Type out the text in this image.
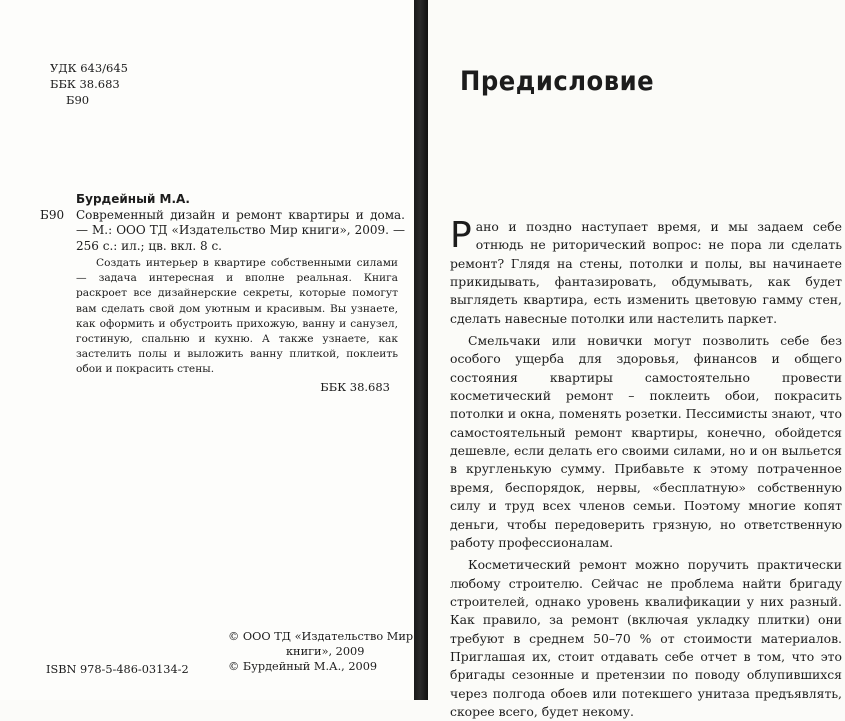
УДК 643/645
ББК 38.683
Б90
Бурдейный М.А.
Б90 Современный дизайн и ремонт квартиры и дома. — М.: ООО ТД «Издательство Мир книги», 2009. — 256 с.: ил.; цв. вкл. 8 с.
Создать интерьер в квартире собственными силами — задача интересная и вполне реальная. Книга раскроет все дизайнерские секреты, которые помогут вам сделать свой дом уютным и красивым. Вы узнаете, как оформить и обустроить прихожую, ванну и санузел, гостиную, спальню и кухню. А также узнаете, как застелить полы и выложить ванну плиткой, поклеить обои и покрасить стены.
ББК 38.683
© ООО ТД «Издательство Мир
книги», 2009
© Бурдейный М.А., 2009
ISBN 978-5-486-03134-2
Предисловие

Рано и поздно наступает время, и мы задаем себе отнюдь не риторический вопрос: не пора ли сделать ремонт? Глядя на стены, потолки и полы, вы начинаете прикидывать, фантазировать, обдумывать, как будет выглядеть квартира, есть изменить цветовую гамму стен, сделать навесные потолки или настелить паркет.

Смельчаки или новички могут позволить себе без особого ущерба для здоровья, финансов и общего состояния квартиры самостоятельно провести косметический ремонт – поклеить обои, покрасить потолки и окна, поменять розетки. Пессимисты знают, что самостоятельный ремонт квартиры, конечно, обойдется дешевле, если делать его своими силами, но и он выльется в кругленькую сумму. Прибавьте к этому потраченное время, беспорядок, нервы, «бесплатную» собственную силу и труд всех членов семьи. Поэтому многие копят деньги, чтобы передоверить грязную, но ответственную работу профессионалам.

Косметический ремонт можно поручить практически любому строителю. Сейчас не проблема найти бригаду строителей, однако уровень квалификации у них разный. Как правило, за ремонт (включая укладку плитки) они требуют в среднем 50–70 % от стоимости материалов. Приглашая их, стоит отдавать себе отчет в том, что это бригады сезонные и претензии по поводу облупившихся через полгода обоев или потекшего унитаза предъявлять, скорее всего, будет некому.
